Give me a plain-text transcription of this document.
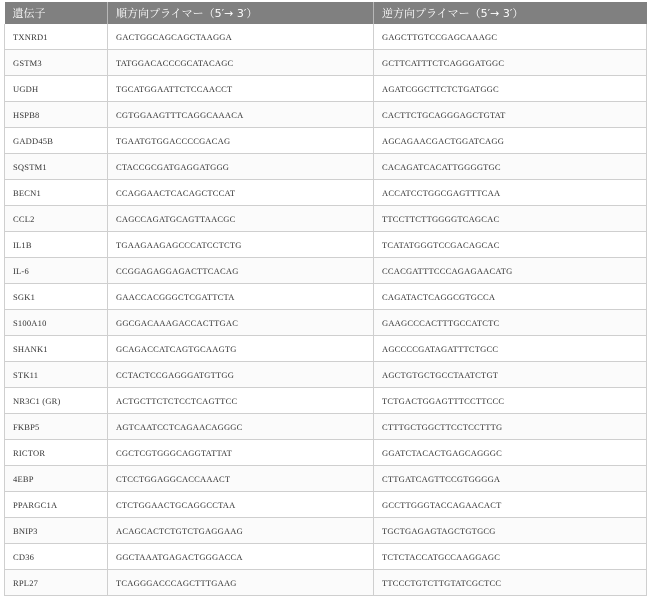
遺伝子	順方向プライマー（5′→ 3′）	逆方向プライマー（5′→ 3′）
TXNRD1	GACTGGCAGCAGCTAAGGA	GAGCTTGTCCGAGCAAAGC
GSTM3	TATGGACACCCGCATACAGC	GCTTCATTTCTCAGGGATGGC
UGDH	TGCATGGAATTCTCCAACCT	AGATCGGCTTCTCTGATGGC
HSPB8	CGTGGAAGTTTCAGGCAAACA	CACTTCTGCAGGGAGCTGTAT
GADD45B	TGAATGTGGACCCCGACAG	AGCAGAACGACTGGATCAGG
SQSTM1	CTACCGCGATGAGGATGGG	CACAGATCACATTGGGGTGC
BECN1	CCAGGAACTCACAGCTCCAT	ACCATCCTGGCGAGTTTCAA
CCL2	CAGCCAGATGCAGTTAACGC	TTCCTTCTTGGGGTCAGCAC
IL1B	TGAAGAAGAGCCCATCCTCTG	TCATATGGGTCCGACAGCAC
IL-6	CCGGAGAGGAGACTTCACAG	CCACGATTTCCCAGAGAACATG
SGK1	GAACCACGGGCTCGATTCTA	CAGATACTCAGGCGTGCCA
S100A10	GGCGACAAAGACCACTTGAC	GAAGCCCACTTTGCCATCTC
SHANK1	GCAGACCATCAGTGCAAGTG	AGCCCCGATAGATTTCTGCC
STK11	CCTACTCCGAGGGATGTTGG	AGCTGTGCTGCCTAATCTGT
NR3C1 (GR)	ACTGCTTCTCTCCTCAGTTCC	TCTGACTGGAGTTTCCTTCCC
FKBP5	AGTCAATCCTCAGAACAGGGC	CTTTGCTGGCTTCCTCCTTTG
RICTOR	CGCTCGTGGGCAGGTATTAT	GGATCTACACTGAGCAGGGC
4EBP	CTCCTGGAGGCACCAAACT	CTTGATCAGTTCCGTGGGGA
PPARGC1A	CTCTGGAACTGCAGGCCTAA	GCCTTGGGTACCAGAACACT
BNIP3	ACAGCACTCTGTCTGAGGAAG	TGCTGAGAGTAGCTGTGCG
CD36	GGCTAAATGAGACTGGGACCA	TCTCTACCATGCCAAGGAGC
RPL27	TCAGGGACCCAGCTTTGAAG	TTCCCTGTCTTGTATCGCTCC
